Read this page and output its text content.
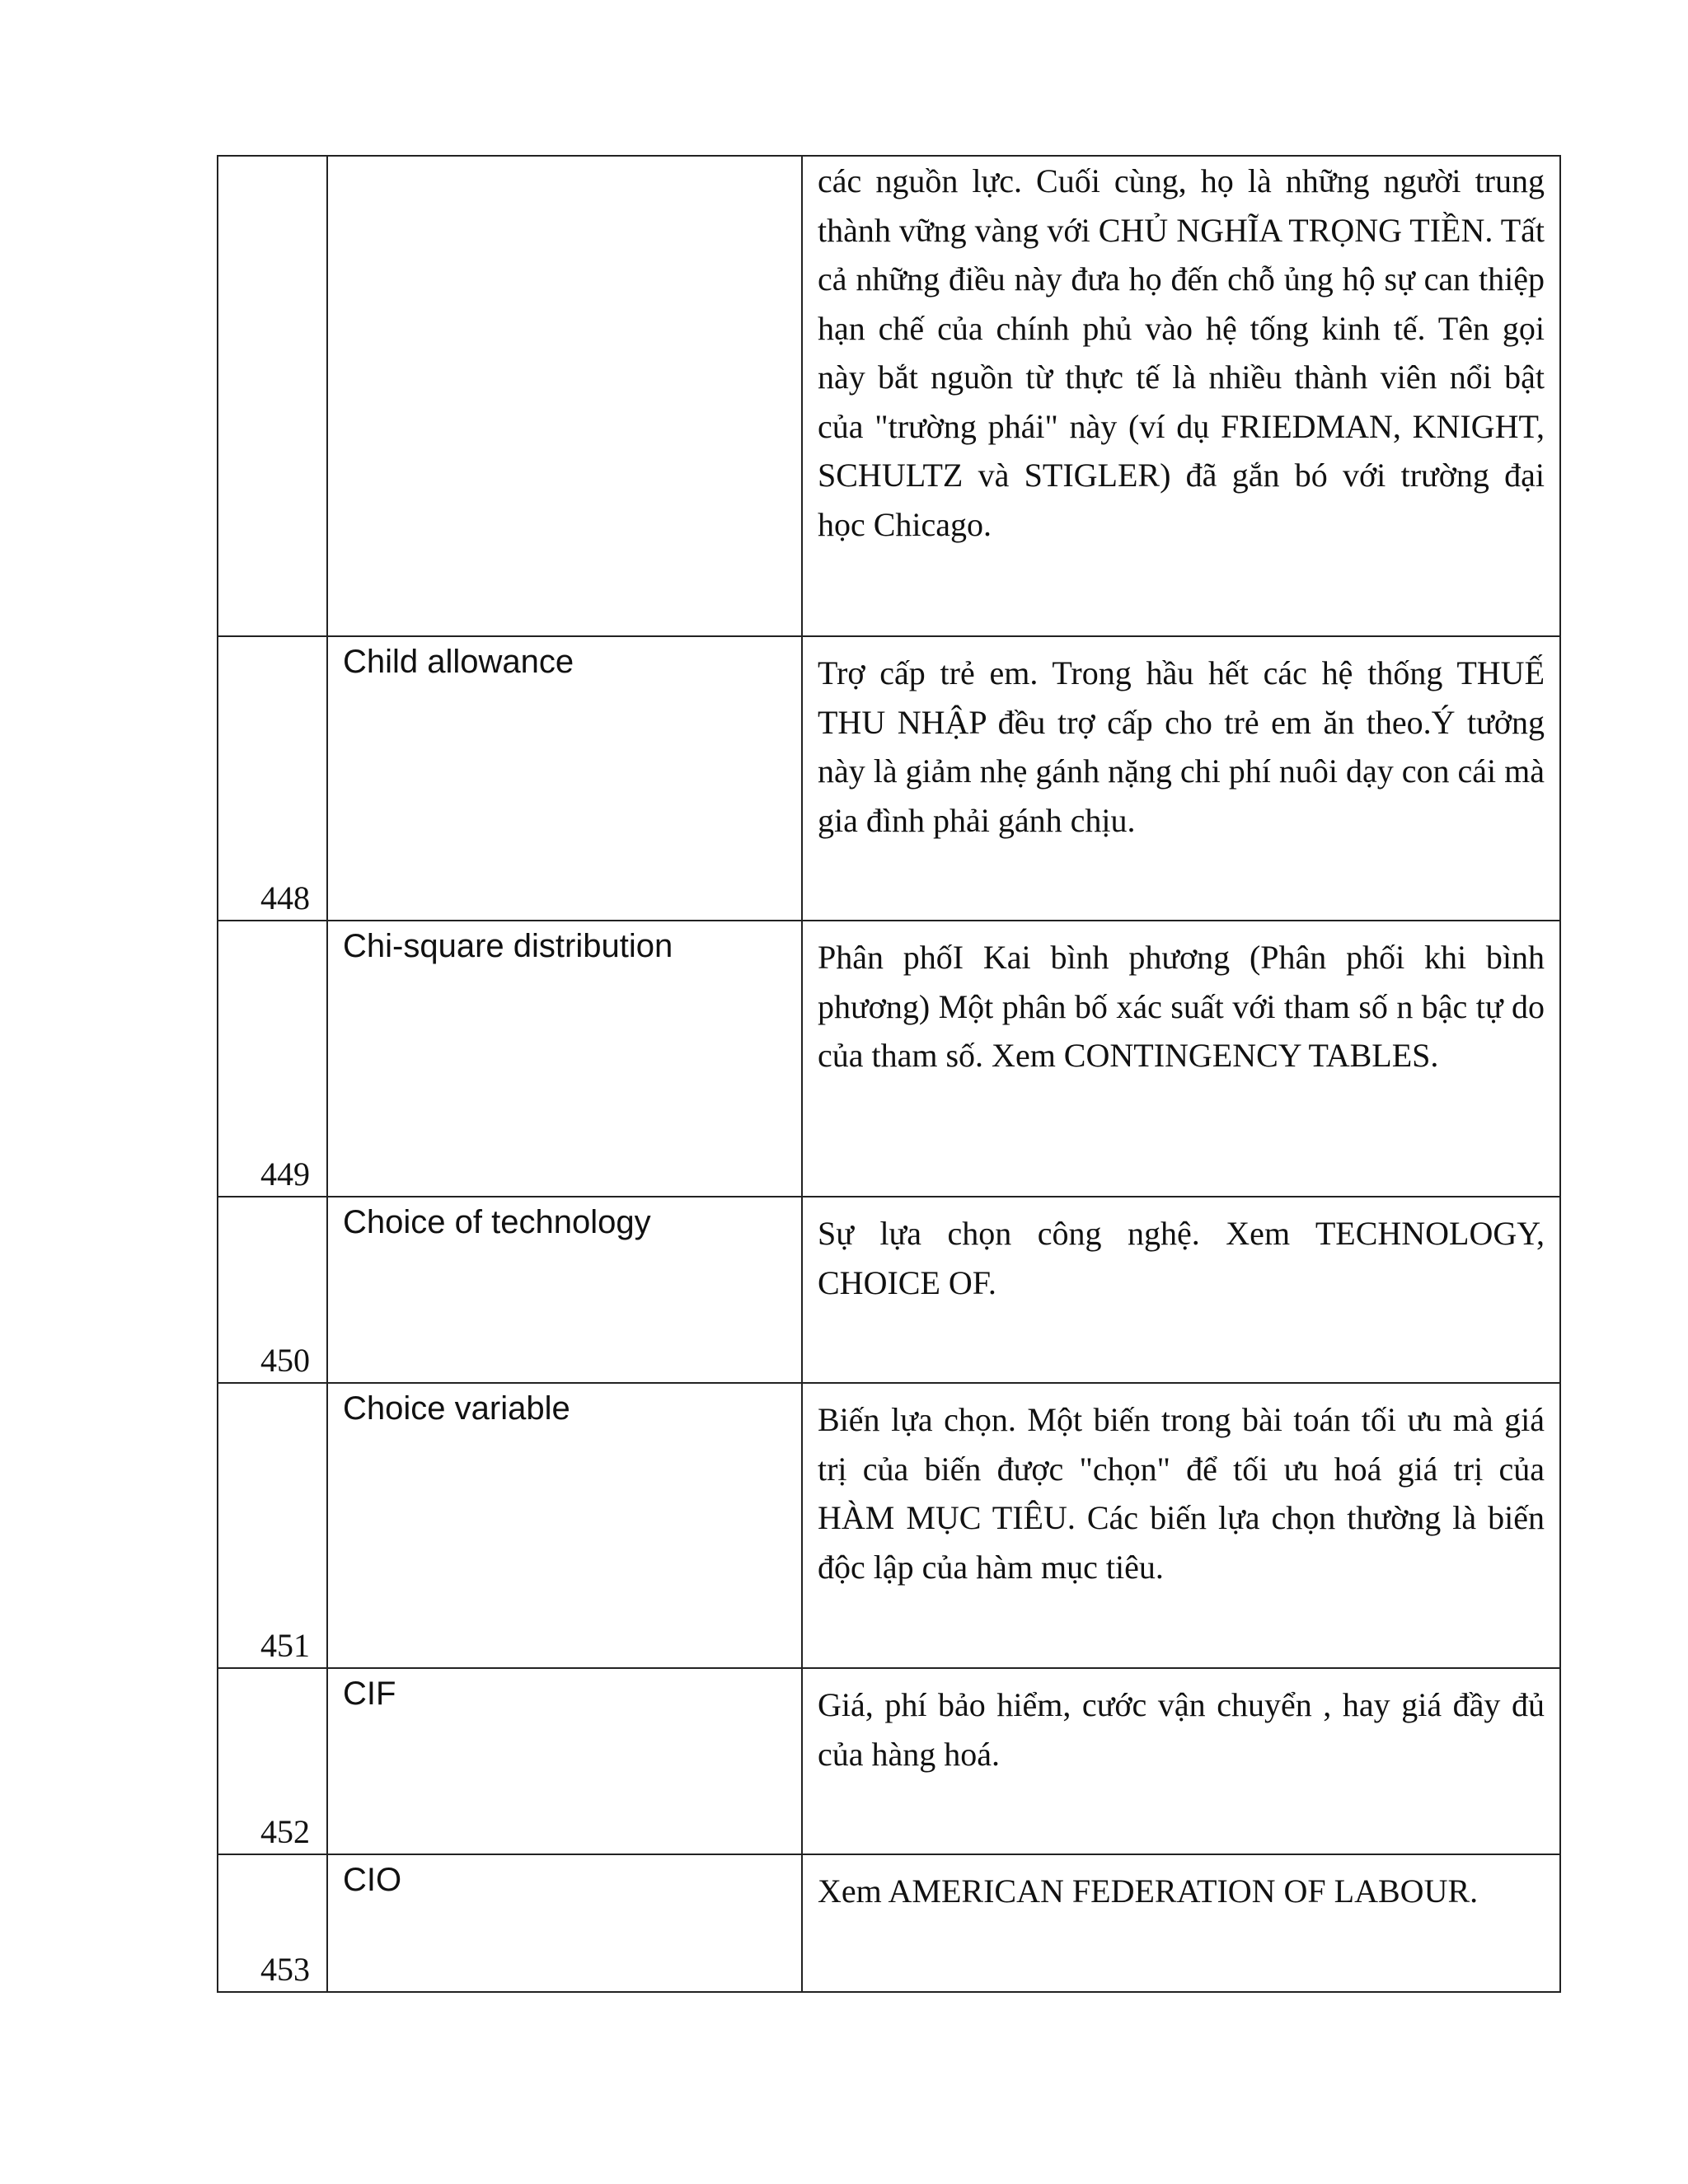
		các nguồn lực. Cuối cùng, họ là những người trung thành vững vàng với CHỦ NGHĨA TRỌNG TIỀN. Tất cả những điều này đưa họ đến chỗ ủng hộ sự can thiệp hạn chế của chính phủ vào hệ tống kinh tế. Tên gọi này bắt nguồn từ thực tế là nhiều thành viên nổi bật của "trường phái" này (ví dụ FRIEDMAN, KNIGHT, SCHULTZ và STIGLER) đã gắn bó với trường đại học Chicago.

448	Child allowance	Trợ cấp trẻ em. Trong hầu hết các hệ thống THUẾ THU NHẬP đều trợ cấp cho trẻ em ăn theo.Ý tưởng này là giảm nhẹ gánh nặng chi phí nuôi dạy con cái mà gia đình phải gánh chịu.

449	Chi-square distribution	Phân phốI Kai bình phương (Phân phối khi bình phương) Một phân bố xác suất với tham số n bậc tự do của tham số. Xem CONTINGENCY TABLES.

450	Choice of technology	Sự lựa chọn công nghệ. Xem TECHNOLOGY, CHOICE OF.

451	Choice variable	Biến lựa chọn. Một biến trong bài toán tối ưu mà giá trị của biến được "chọn" để tối ưu hoá giá trị của HÀM MỤC TIÊU. Các biến lựa chọn thường là biến độc lập của hàm mục tiêu.

452	CIF	Giá, phí bảo hiểm, cước vận chuyển , hay giá đầy đủ của hàng hoá.

453	CIO	Xem AMERICAN FEDERATION OF LABOUR.
